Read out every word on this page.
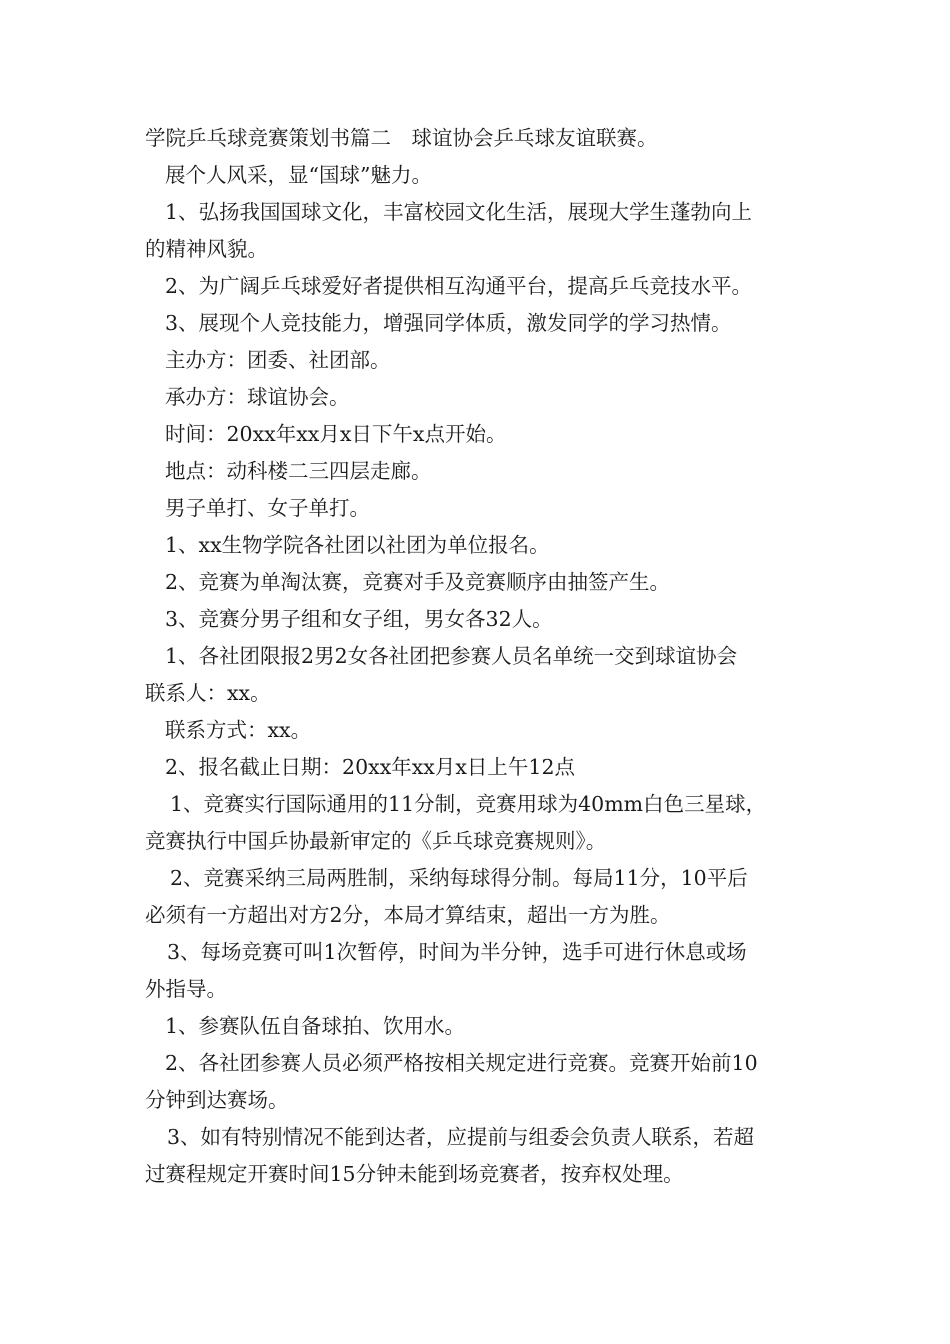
学院乒乓球竞赛策划书篇二　球谊协会乒乓球友谊联赛。
展个人风采，显“国球”魅力。
1、弘扬我国国球文化，丰富校园文化生活，展现大学生蓬勃向上
的精神风貌。
2、为广阔乒乓球爱好者提供相互沟通平台，提高乒乓竞技水平。
3、展现个人竞技能力，增强同学体质，激发同学的学习热情。
主办方：团委、社团部。
承办方：球谊协会。
时间：20xx年xx月x日下午x点开始。
地点：动科楼二三四层走廊。
男子单打、女子单打。
1、xx生物学院各社团以社团为单位报名。
2、竞赛为单淘汰赛，竞赛对手及竞赛顺序由抽签产生。
3、竞赛分男子组和女子组，男女各32人。
1、各社团限报2男2女各社团把参赛人员名单统一交到球谊协会
联系人：xx。
联系方式：xx。
2、报名截止日期：20xx年xx月x日上午12点
1、竞赛实行国际通用的11分制，竞赛用球为40mm白色三星球，
竞赛执行中国乒协最新审定的《乒乓球竞赛规则》。
2、竞赛采纳三局两胜制，采纳每球得分制。每局11分，10平后
必须有一方超出对方2分，本局才算结束，超出一方为胜。
3、每场竞赛可叫1次暂停，时间为半分钟，选手可进行休息或场
外指导。
1、参赛队伍自备球拍、饮用水。
2、各社团参赛人员必须严格按相关规定进行竞赛。竞赛开始前10
分钟到达赛场。
3、如有特别情况不能到达者，应提前与组委会负责人联系，若超
过赛程规定开赛时间15分钟未能到场竞赛者，按弃权处理。
